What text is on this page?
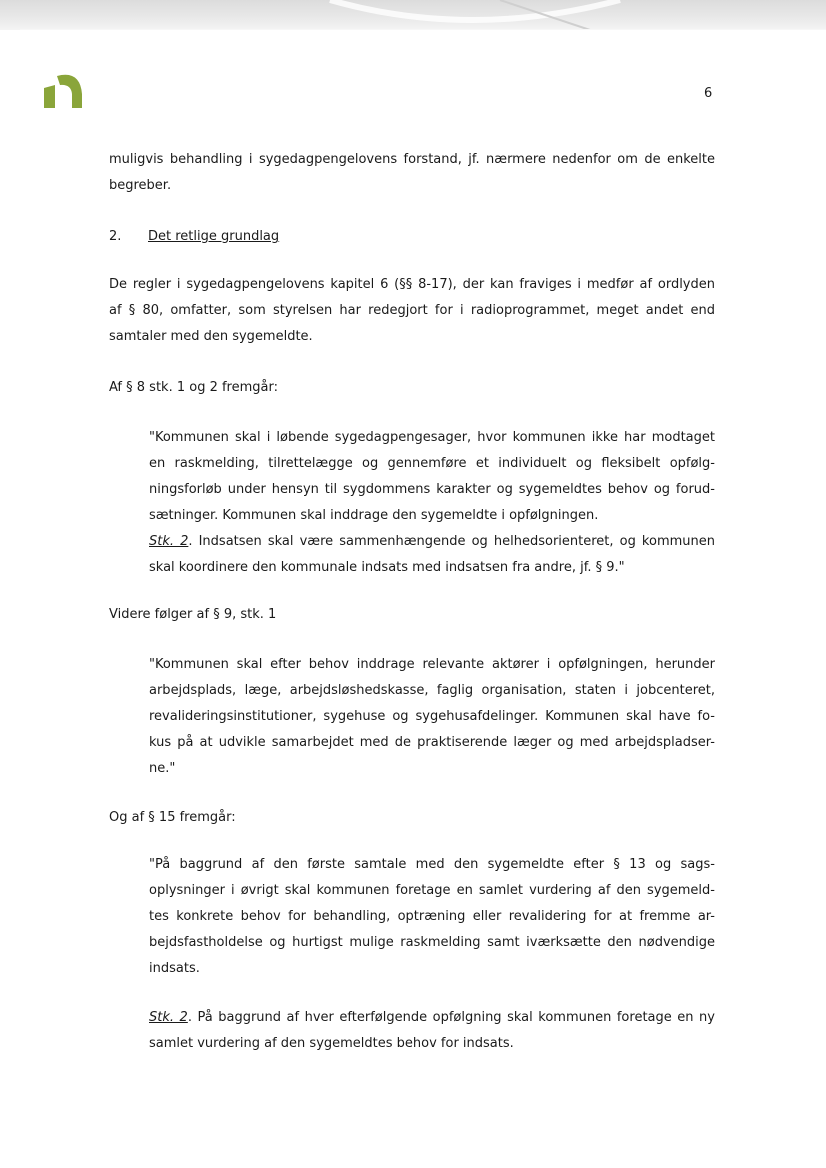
6
muligvis behandling i sygedagpengelovens forstand, jf. nærmere nedenfor om de enkelte
begreber.
2. Det retlige grundlag
De regler i sygedagpengelovens kapitel 6 (§§ 8-17), der kan fraviges i medfør af ordlyden
af § 80, omfatter, som styrelsen har redegjort for i radioprogrammet, meget andet end
samtaler med den sygemeldte.
Af § 8 stk. 1 og 2 fremgår:
"Kommunen skal i løbende sygedagpengesager, hvor kommunen ikke har modtaget
en raskmelding, tilrettelægge og gennemføre et individuelt og fleksibelt opfølg-
ningsforløb under hensyn til sygdommens karakter og sygemeldtes behov og forud-
sætninger. Kommunen skal inddrage den sygemeldte i opfølgningen.
Stk. 2. Indsatsen skal være sammenhængende og helhedsorienteret, og kommunen
skal koordinere den kommunale indsats med indsatsen fra andre, jf. § 9."
Videre følger af § 9, stk. 1
"Kommunen skal efter behov inddrage relevante aktører i opfølgningen, herunder
arbejdsplads, læge, arbejdsløshedskasse, faglig organisation, staten i jobcenteret,
revalideringsinstitutioner, sygehuse og sygehusafdelinger. Kommunen skal have fo-
kus på at udvikle samarbejdet med de praktiserende læger og med arbejdspladser-
ne."
Og af § 15 fremgår:
"På baggrund af den første samtale med den sygemeldte efter § 13 og sags-
oplysninger i øvrigt skal kommunen foretage en samlet vurdering af den sygemeld-
tes konkrete behov for behandling, optræning eller revalidering for at fremme ar-
bejdsfastholdelse og hurtigst mulige raskmelding samt iværksætte den nødvendige
indsats.
Stk. 2. På baggrund af hver efterfølgende opfølgning skal kommunen foretage en ny
samlet vurdering af den sygemeldtes behov for indsats.
